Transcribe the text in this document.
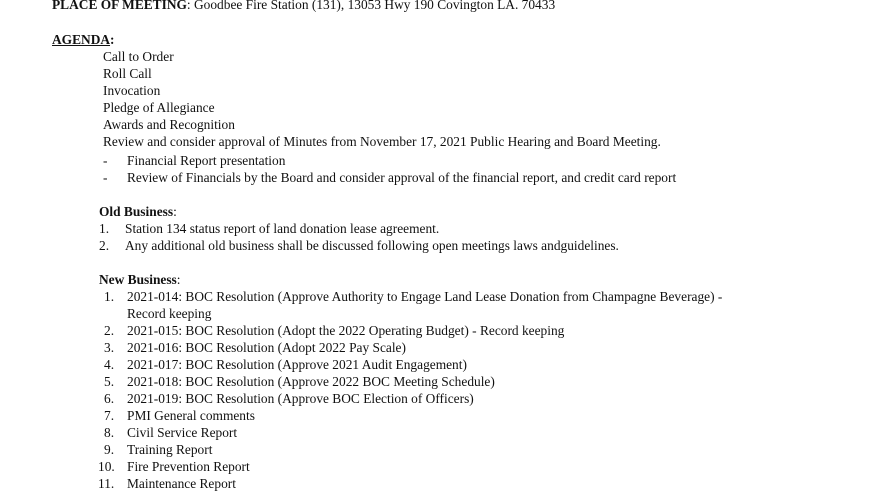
PLACE OF MEETING: Goodbee Fire Station (131), 13053 Hwy 190 Covington LA. 70433
AGENDA:
Call to Order
Roll Call
Invocation
Pledge of Allegiance
Awards and Recognition
Review and consider approval of Minutes from November 17, 2021 Public Hearing and Board Meeting.
- Financial Report presentation
- Review of Financials by the Board and consider approval of the financial report, and credit card report
Old Business:
1. Station 134 status report of land donation lease agreement.
2. Any additional old business shall be discussed following open meetings laws andguidelines.
New Business:
1. 2021-014: BOC Resolution (Approve Authority to Engage Land Lease Donation from Champagne Beverage) -
Record keeping
2. 2021-015: BOC Resolution (Adopt the 2022 Operating Budget) - Record keeping
3. 2021-016: BOC Resolution (Adopt 2022 Pay Scale)
4. 2021-017: BOC Resolution (Approve 2021 Audit Engagement)
5. 2021-018: BOC Resolution (Approve 2022 BOC Meeting Schedule)
6. 2021-019: BOC Resolution (Approve BOC Election of Officers)
7. PMI General comments
8. Civil Service Report
9. Training Report
10. Fire Prevention Report
11. Maintenance Report
